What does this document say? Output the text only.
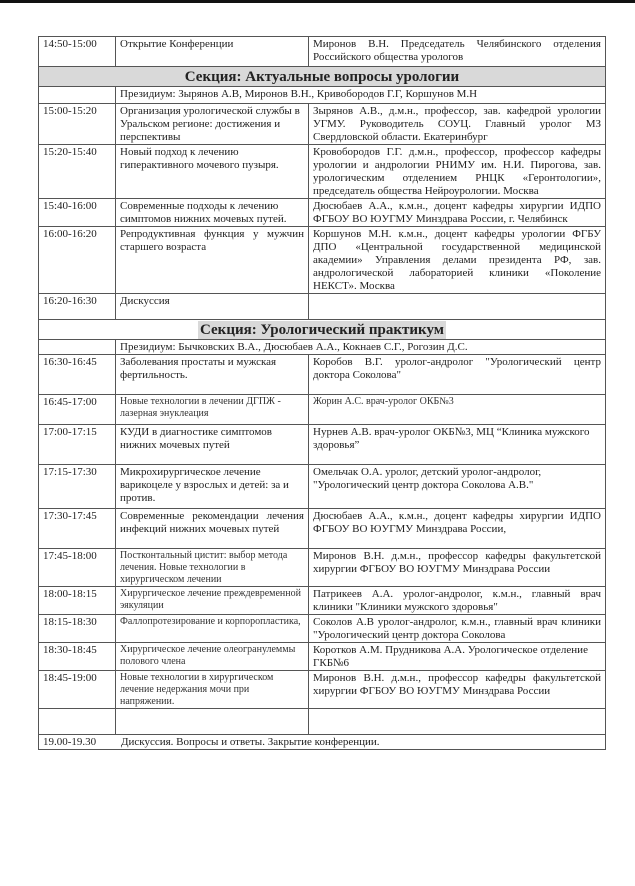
14:50-15:00	Открытие Конференции	Миронов В.Н. Председатель Челябинского отделения Российского общества урологов
Секция: Актуальные вопросы урологии		
	Президиум: Зырянов А.В, Миронов В.Н., Кривобородов Г.Г, Коршунов М.Н	
15:00-15:20	Организация урологической службы в Уральском регионе: достижения и перспективы	Зырянов А.В., д.м.н., профессор, зав. кафедрой урологии УГМУ. Руководитель СОУЦ. Главный уролог МЗ Свердловской области. Екатеринбург
15:20-15:40	Новый подход к лечению гиперактивного мочевого пузыря.	Кровобородов Г.Г. д.м.н., профессор, профессор кафедры урологии и андрологии РНИМУ им. Н.И. Пирогова, зав. урологическим отделением РНЦК «Геронтологии», председатель общества Нейроурологии. Москва
15:40-16:00	Современные подходы к лечению симптомов нижних мочевых путей.	Дюсюбаев А.А., к.м.н., доцент кафедры хирургии ИДПО ФГБОУ ВО ЮУГМУ Минздрава России, г. Челябинск
16:00-16:20	Репродуктивная функция у мужчин старшего возраста	Коршунов М.Н. к.м.н., доцент кафедры урологии ФГБУ ДПО «Центральной государственной медицинской академии» Управления делами президента РФ, зав. андрологической лабораторией клиники «Поколение НЕКСТ». Москва
16:20-16:30	Дискуссия	
Секция: Урологический практикум		
	Президиум: Бычковских В.А., Дюсюбаев А.А., Кокнаев С.Г., Рогозин Д.С.	
16:30-16:45	Заболевания простаты и мужская фертильность.	Коробов В.Г. уролог-андролог "Урологический центр доктора Соколова"
16:45-17:00	Новые технологии в лечении ДГПЖ - лазерная энуклеация	Жорин А.С. врач-уролог ОКБ№3
17:00-17:15	КУДИ в диагностике симптомов нижних мочевых путей	Нурнев А.В. врач-уролог ОКБ№3, МЦ “Клиника мужского здоровья”
17:15-17:30	Микрохирургическое лечение варикоцеле у взрослых и детей: за и против.	Омельчак О.А. уролог, детский уролог-андролог, "Урологический центр доктора Соколова А.В."
17:30-17:45	Современные рекомендации лечения инфекций нижних мочевых путей	Дюсюбаев А.А., к.м.н., доцент кафедры хирургии ИДПО ФГБОУ ВО ЮУГМУ Минздрава России,
17:45-18:00	Постконтальный цистит: выбор метода лечения. Новые технологии в хирургическом лечении	Миронов В.Н. д.м.н., профессор кафедры факультетской хирургии ФГБОУ ВО ЮУГМУ Минздрава России
18:00-18:15	Хирургическое лечение преждевременной эякуляции	Патрикеев А.А. уролог-андролог, к.м.н., главный врач клиники "Клиники мужского здоровья"
18:15-18:30	Фаллопротезирование и корпоропластика,	Соколов А.В уролог-андролог, к.м.н., главный врач клиники "Урологический центр доктора Соколова
18:30-18:45	Хирургическое лечение олеогранулеммы полового члена	Коротков А.М. Прудникова А.А. Урологическое отделение ГКБ№6
18:45-19:00	Новые технологии в хирургическом лечение недержания мочи при напряжении.	Миронов В.Н. д.м.н., профессор кафедры факультетской хирургии ФГБОУ ВО ЮУГМУ Минздрава России

19.00-19.30 Дискуссия. Вопросы и ответы. Закрытие конференции.		
